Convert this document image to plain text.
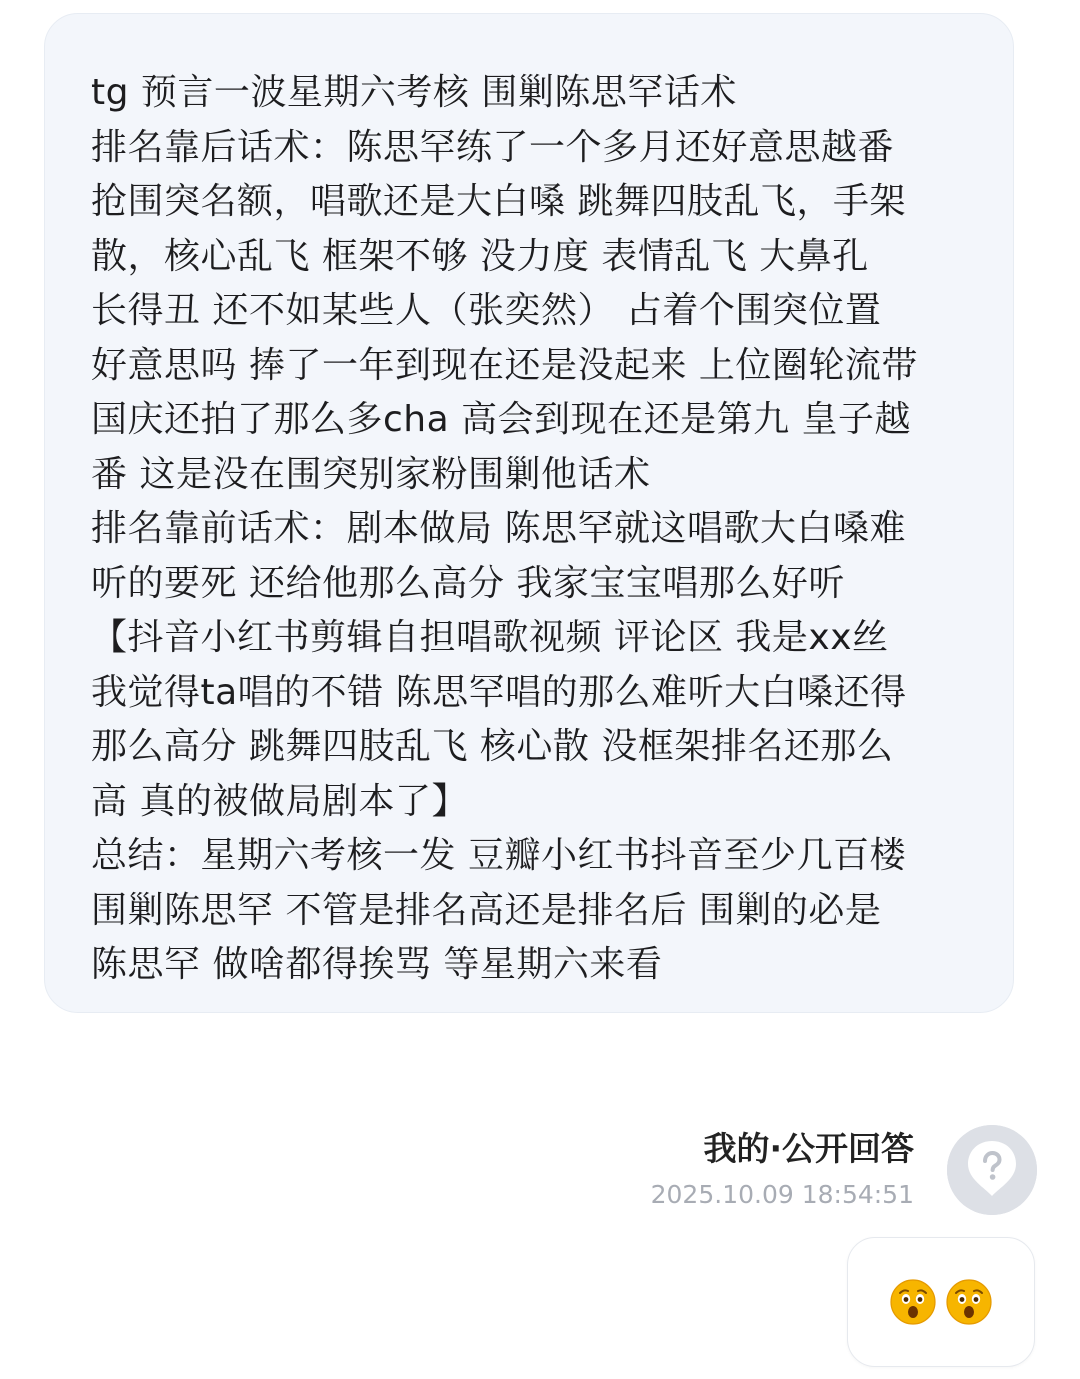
tg 预言一波星期六考核 围剿陈思罕话术
排名靠后话术：陈思罕练了一个多月还好意思越番
抢围突名额，唱歌还是大白嗓 跳舞四肢乱飞，手架
散，核心乱飞 框架不够 没力度 表情乱飞 大鼻孔
长得丑 还不如某些人（张奕然） 占着个围突位置
好意思吗 捧了一年到现在还是没起来 上位圈轮流带
国庆还拍了那么多cha 高会到现在还是第九 皇子越
番 这是没在围突别家粉围剿他话术
排名靠前话术：剧本做局 陈思罕就这唱歌大白嗓难
听的要死 还给他那么高分 我家宝宝唱那么好听
【抖音小红书剪辑自担唱歌视频 评论区 我是xx丝
我觉得ta唱的不错 陈思罕唱的那么难听大白嗓还得
那么高分 跳舞四肢乱飞 核心散 没框架排名还那么
高 真的被做局剧本了】
总结：星期六考核一发 豆瓣小红书抖音至少几百楼
围剿陈思罕 不管是排名高还是排名后 围剿的必是
陈思罕 做啥都得挨骂 等星期六来看
我的·公开回答
2025.10.09 18:54:51
